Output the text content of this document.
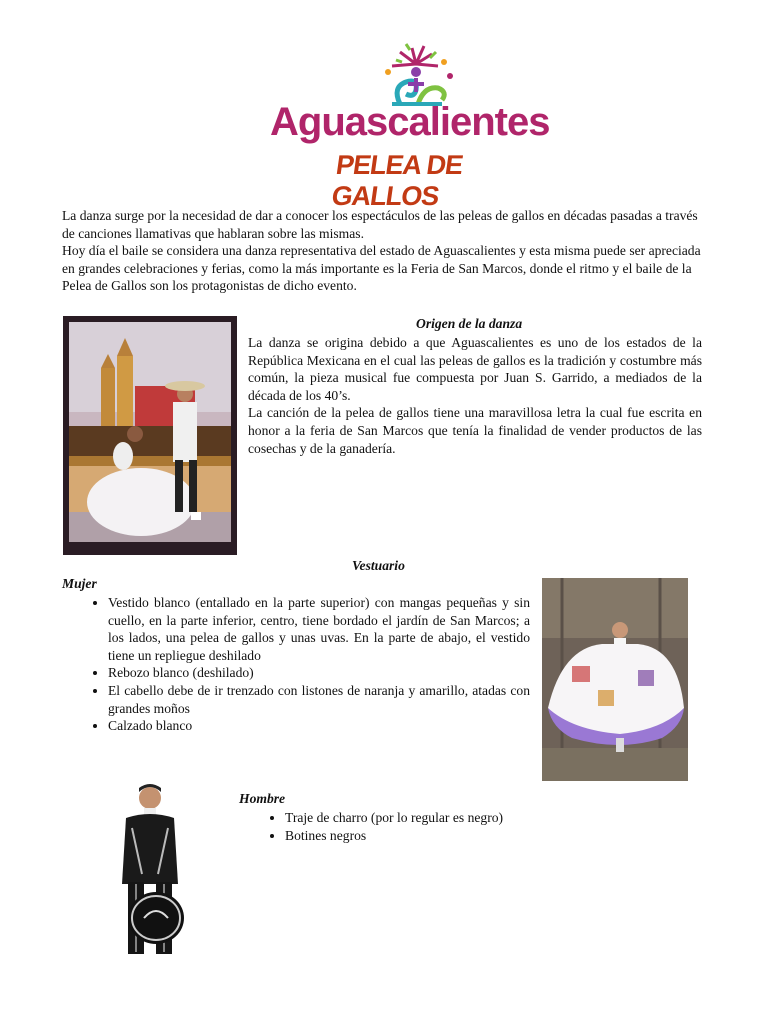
Aguascalientes
PELEA DE GALLOS

La danza surge por la necesidad de dar a conocer los espectáculos de las peleas de gallos en décadas pasadas a través de canciones llamativas que hablaran sobre las mismas.

Hoy día el baile se considera una danza representativa del estado de Aguascalientes y esta misma puede ser apreciada en grandes celebraciones y ferias, como la más importante es la Feria de San Marcos, donde el ritmo y el baile de la Pelea de Gallos son los protagonistas de dicho evento.

Origen de la danza

La danza se origina debido a que Aguascalientes es uno de los estados de la República Mexicana en el cual las peleas de gallos es la tradición y costumbre más común, la pieza musical fue compuesta por Juan S. Garrido, a mediados de la década de los 40’s.

La canción de la pelea de gallos tiene una maravillosa letra la cual fue escrita en honor a la feria de San Marcos que tenía la finalidad de vender productos de las cosechas y de la ganadería.

Vestuario
Mujer
• Vestido blanco (entallado en la parte superior) con mangas pequeñas y sin cuello, en la parte inferior, centro, tiene bordado el jardín de San Marcos; a los lados, una pelea de gallos y unas uvas. En la parte de abajo, el vestido tiene un repliegue deshilado
• Rebozo blanco (deshilado)
• El cabello debe de ir trenzado con listones de naranja y amarillo, atadas con grandes moños
• Calzado blanco
Hombre
• Traje de charro (por lo regular es negro)
• Botines negros
